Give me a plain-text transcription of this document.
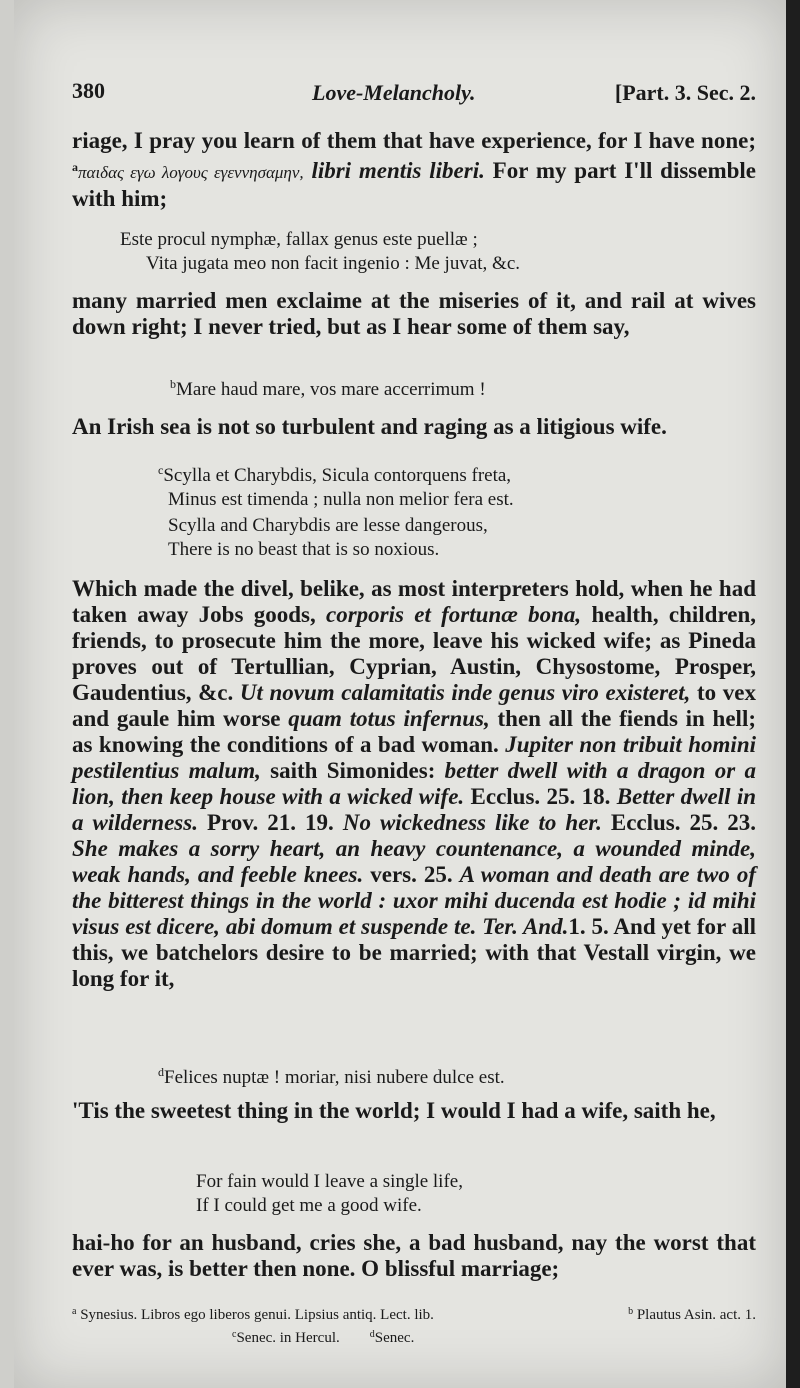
380	Love-Melancholy.	[Part. 3. Sec. 2.

riage, I pray you learn of them that have experience, for I have none; $^a$παιδας εγω λογους εγεννησαμην, libri mentis liberi. For my part I'll dissemble with him;

Este procul nymphæ, fallax genus este puellæ ;
Vita jugata meo non facit ingenio : Me juvat, &c.

many married men exclaime at the miseries of it, and rail at wives down right; I never tried, but as I hear some of them say,

$^b$Mare haud mare, vos mare accerrimum !

An Irish sea is not so turbulent and raging as a litigious wife.

$^c$Scylla et Charybdis, Sicula contorquens freta,
Minus est timenda ; nulla non melior fera est.
Scylla and Charybdis are lesse dangerous,
There is no beast that is so noxious.

Which made the divel, belike, as most interpreters hold, when he had taken away Jobs goods, corporis et fortunæ bona, health, children, friends, to prosecute him the more, leave his wicked wife; as Pineda proves out of Tertullian, Cyprian, Austin, Chysostome, Prosper, Gaudentius, &c. Ut novum calamitatis inde genus viro existeret, to vex and gaule him worse quam totus infernus, then all the fiends in hell; as knowing the conditions of a bad woman. Jupiter non tribuit homini pestilentius malum, saith Simonides: better dwell with a dragon or a lion, then keep house with a wicked wife. Ecclus. 25. 18. Better dwell in a wilderness. Prov. 21. 19. No wickedness like to her. Ecclus. 25. 23. She makes a sorry heart, an heavy countenance, a wounded minde, weak hands, and feeble knees. vers. 25. A woman and death are two of the bitterest things in the world : uxor mihi ducenda est hodie ; id mihi visus est dicere, abi domum et suspende te. Ter. And.1. 5. And yet for all this, we batchelors desire to be married; with that Vestall virgin, we long for it,

$^d$Felices nuptæ ! moriar, nisi nubere dulce est.

'Tis the sweetest thing in the world; I would I had a wife, saith he,

For fain would I leave a single life,
If I could get me a good wife.

hai-ho for an husband, cries she, a bad husband, nay the worst that ever was, is better then none. O blissful marriage;

$^a$ Synesius. Libros ego liberos genui. Lipsius antiq. Lect. lib.	$^b$ Plautus Asin. act. 1.
$^c$Senec. in Hercul.	$^d$Senec.
